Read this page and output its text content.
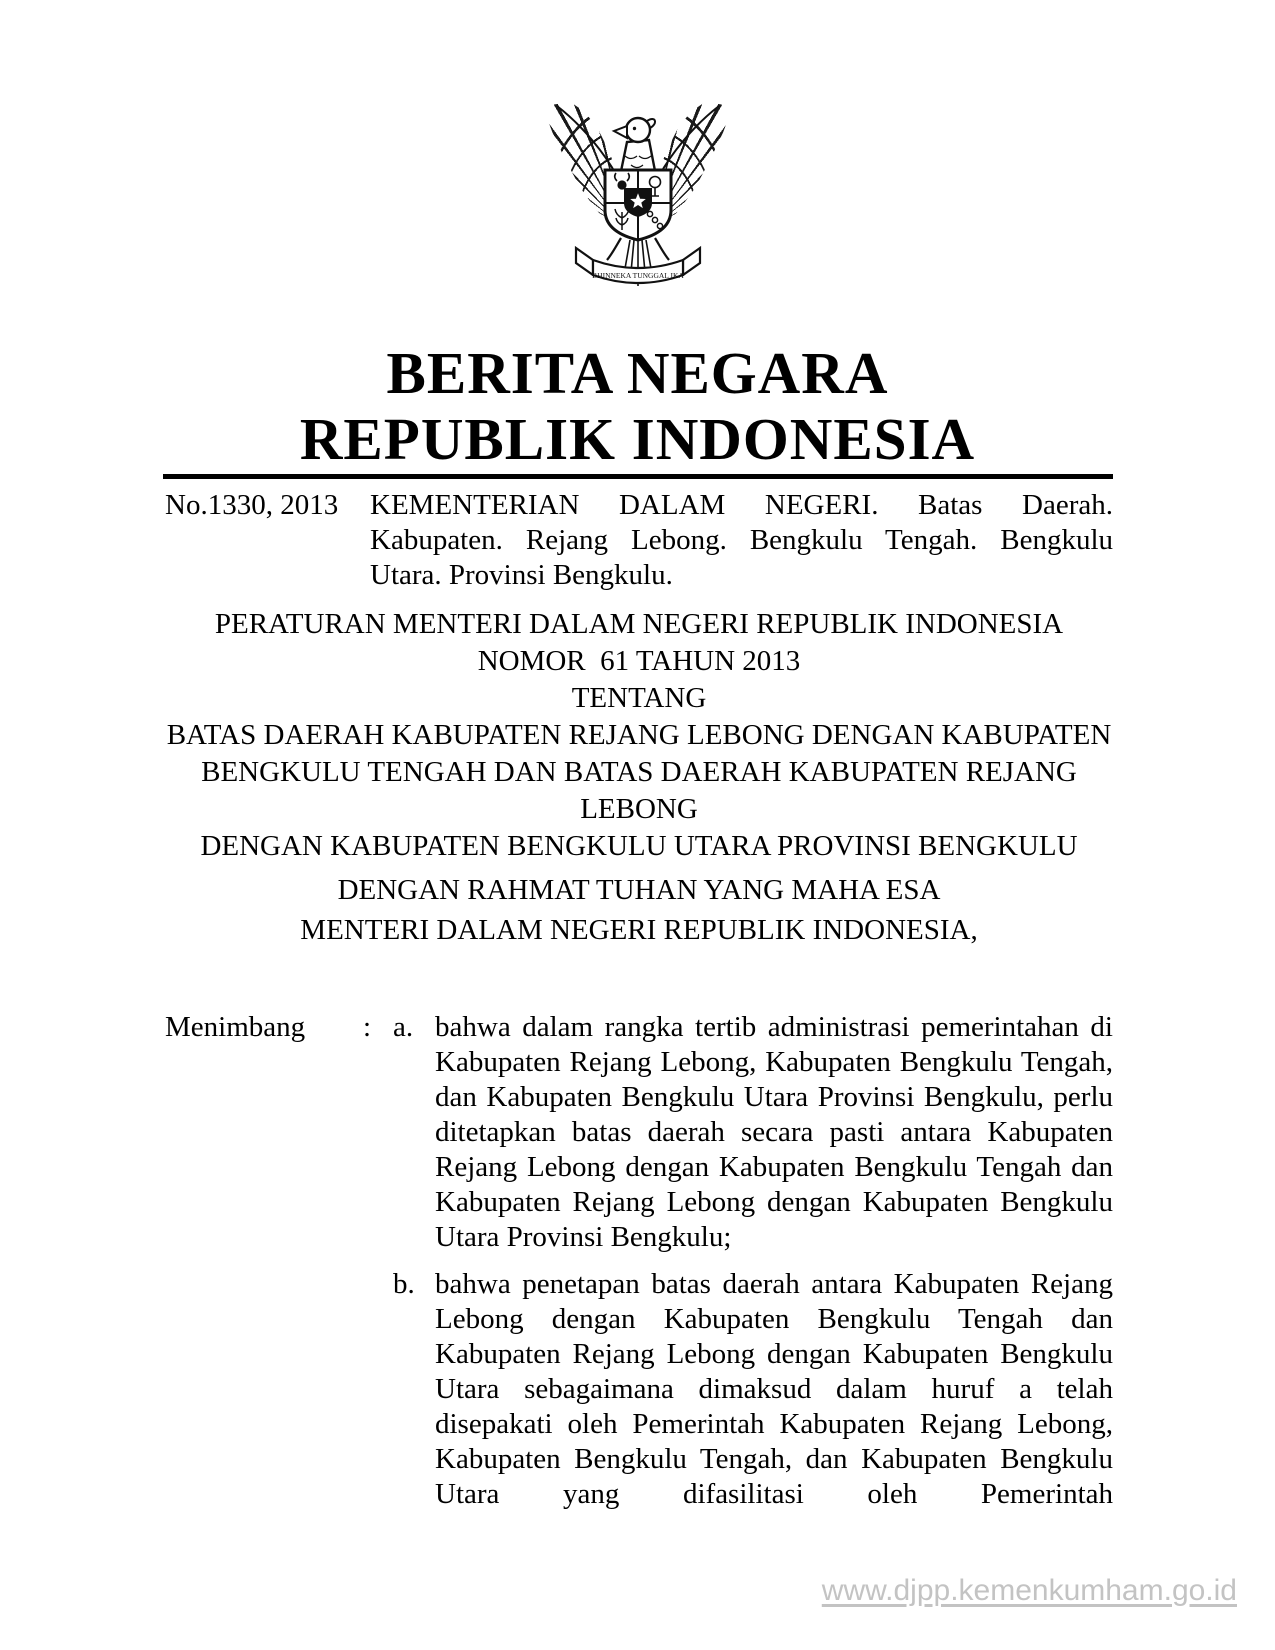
BHINNEKA TUNGGAL IKA
BERITA NEGARA
REPUBLIK INDONESIA
No.1330, 2013	KEMENTERIAN DALAM NEGERI. Batas Daerah.
Kabupaten. Rejang Lebong. Bengkulu Tengah. Bengkulu
Utara. Provinsi Bengkulu.
PERATURAN MENTERI DALAM NEGERI REPUBLIK INDONESIA
NOMOR  61 TAHUN 2013
TENTANG
BATAS DAERAH KABUPATEN REJANG LEBONG DENGAN KABUPATEN
BENGKULU TENGAH DAN BATAS DAERAH KABUPATEN REJANG
LEBONG
DENGAN KABUPATEN BENGKULU UTARA PROVINSI BENGKULU
DENGAN RAHMAT TUHAN YANG MAHA ESA
MENTERI DALAM NEGERI REPUBLIK INDONESIA,
Menimbang	: a. bahwa dalam rangka tertib administrasi pemerintahan di Kabupaten Rejang Lebong, Kabupaten Bengkulu Tengah, dan Kabupaten Bengkulu Utara Provinsi Bengkulu, perlu ditetapkan batas daerah secara pasti antara Kabupaten Rejang Lebong dengan Kabupaten Bengkulu Tengah dan Kabupaten Rejang Lebong dengan Kabupaten Bengkulu Utara Provinsi Bengkulu;
b. bahwa penetapan batas daerah antara Kabupaten Rejang Lebong dengan Kabupaten Bengkulu Tengah dan Kabupaten Rejang Lebong dengan Kabupaten Bengkulu Utara sebagaimana dimaksud dalam huruf a telah disepakati oleh Pemerintah Kabupaten Rejang Lebong, Kabupaten Bengkulu Tengah, dan Kabupaten Bengkulu Utara yang difasilitasi oleh Pemerintah
www.djpp.kemenkumham.go.id
